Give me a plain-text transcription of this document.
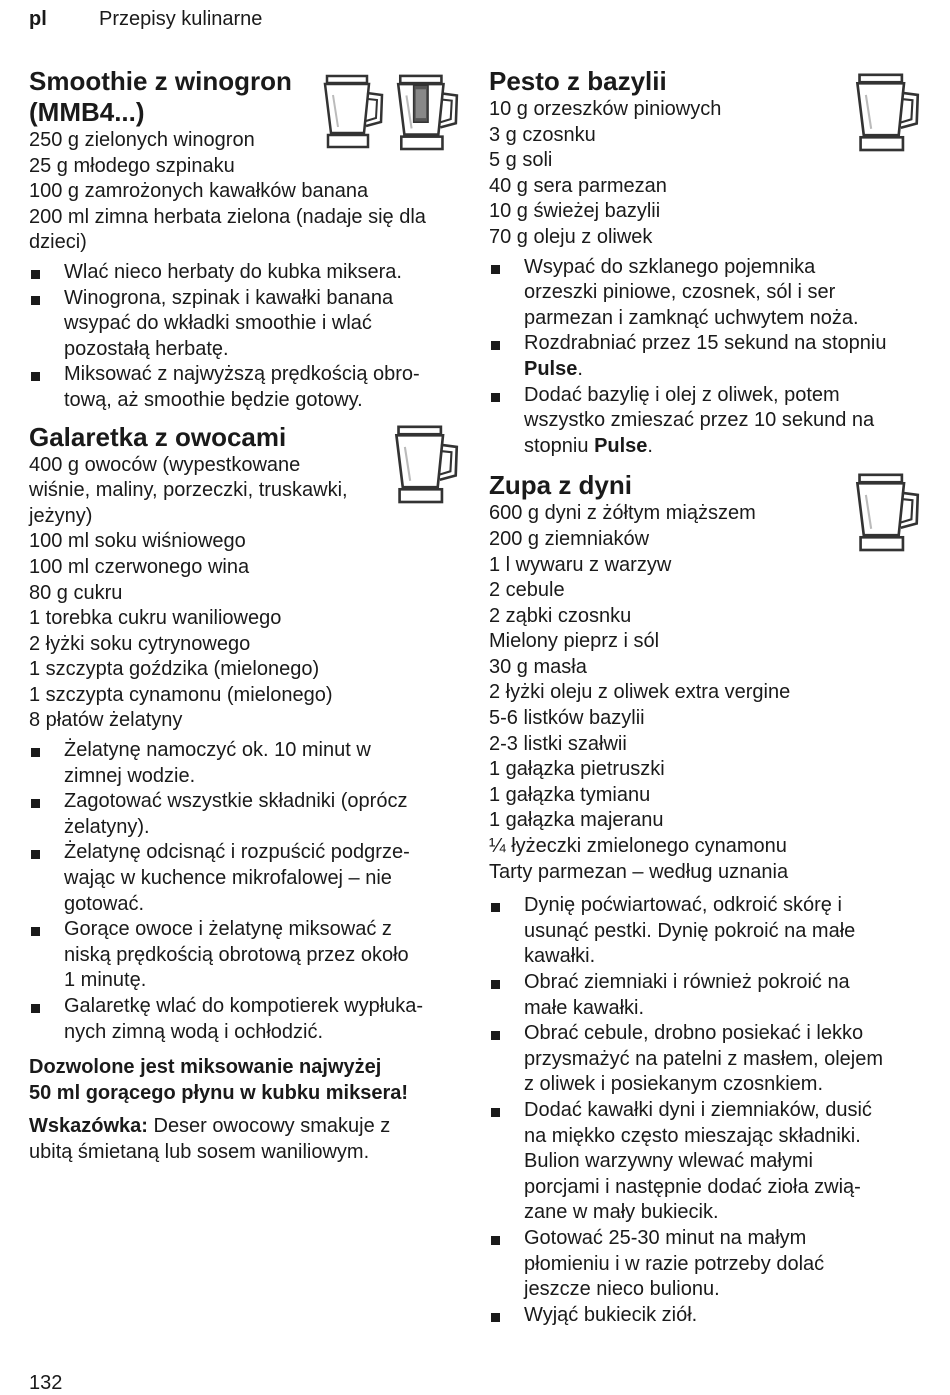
pl	Przepisy kulinarne
Smoothie z winogron
(MMB4...)
250 g zielonych winogron
25 g młodego szpinaku
100 g zamrożonych kawałków banana
200 ml zimna herbata zielona (nadaje się dla
dzieci)
Wlać nieco herbaty do kubka miksera.
Winogrona, szpinak i kawałki banana
wsypać do wkładki smoothie i wlać
pozostałą herbatę.
Miksować z najwyższą prędkością obro-
tową, aż smoothie będzie gotowy.
Galaretka z owocami
400 g owoców (wypestkowane
wiśnie, maliny, porzeczki, truskawki,
jeżyny)
100 ml soku wiśniowego
100 ml czerwonego wina
80 g cukru
1 torebka cukru waniliowego
2 łyżki soku cytrynowego
1 szczypta goździka (mielonego)
1 szczypta cynamonu (mielonego)
8 płatów żelatyny
Żelatynę namoczyć ok. 10 minut w
zimnej wodzie.
Zagotować wszystkie składniki (oprócz
żelatyny).
Żelatynę odcisnąć i rozpuścić podgrze-
wając w kuchence mikrofalowej – nie
gotować.
Gorące owoce i żelatynę miksować z
niską prędkością obrotową przez około
1 minutę.
Galaretkę wlać do kompotierek wypłuka-
nych zimną wodą i ochłodzić.
Dozwolone jest miksowanie najwyżej
50 ml gorącego płynu w kubku miksera!
Wskazówka: Deser owocowy smakuje z
ubitą śmietaną lub sosem waniliowym.
Pesto z bazylii
10 g orzeszków piniowych
3 g czosnku
5 g soli
40 g sera parmezan
10 g świeżej bazylii
70 g oleju z oliwek
Wsypać do szklanego pojemnika
orzeszki piniowe, czosnek, sól i ser
parmezan i zamknąć uchwytem noża.
Rozdrabniać przez 15 sekund na stopniu
Pulse.
Dodać bazylię i olej z oliwek, potem
wszystko zmieszać przez 10 sekund na
stopniu Pulse.
Zupa z dyni
600 g dyni z żółtym miąższem
200 g ziemniaków
1 l wywaru z warzyw
2 cebule
2 ząbki czosnku
Mielony pieprz i sól
30 g masła
2 łyżki oleju z oliwek extra vergine
5-6 listków bazylii
2-3 listki szałwii
1 gałązka pietruszki
1 gałązka tymianu
1 gałązka majeranu
¼ łyżeczki zmielonego cynamonu
Tarty parmezan – według uznania
Dynię poćwiartować, odkroić skórę i
usunąć pestki. Dynię pokroić na małe
kawałki.
Obrać ziemniaki i również pokroić na
małe kawałki.
Obrać cebule, drobno posiekać i lekko
przysmażyć na patelni z masłem, olejem
z oliwek i posiekanym czosnkiem.
Dodać kawałki dyni i ziemniaków, dusić
na miękko często mieszając składniki.
Bulion warzywny wlewać małymi
porcjami i następnie dodać zioła zwią-
zane w mały bukiecik.
Gotować 25-30 minut na małym
płomieniu i w razie potrzeby dolać
jeszcze nieco bulionu.
Wyjąć bukiecik ziół.
132
